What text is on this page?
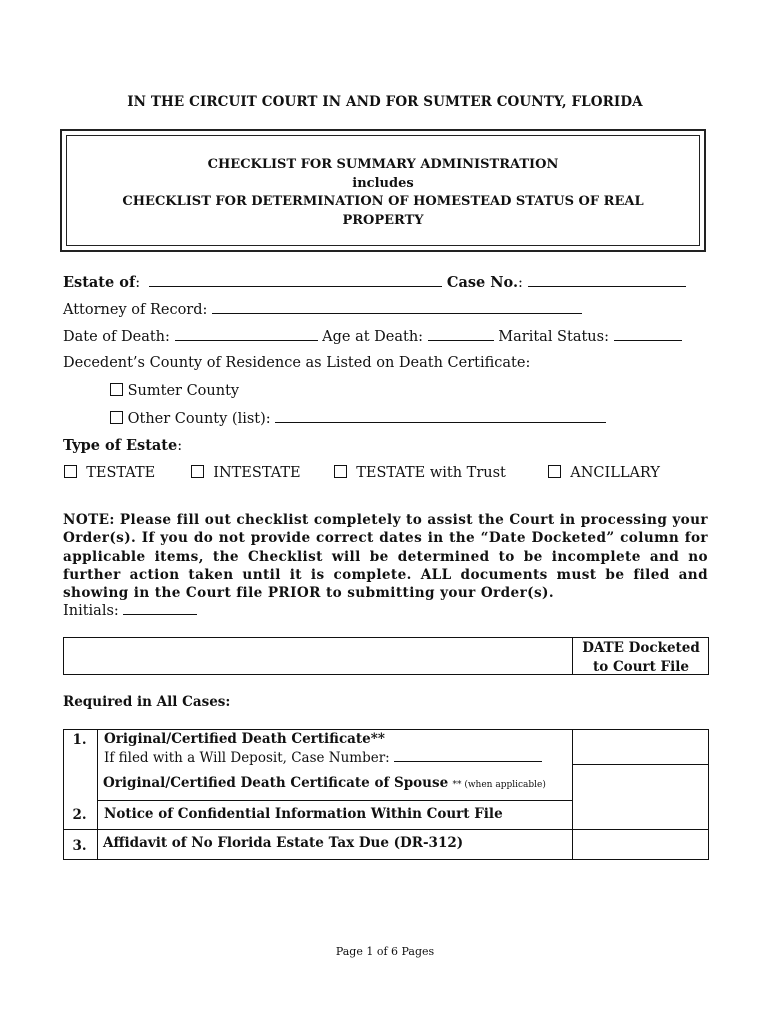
IN THE CIRCUIT COURT IN AND FOR SUMTER COUNTY, FLORIDA
CHECKLIST FOR SUMMARY ADMINISTRATION
includes
CHECKLIST FOR DETERMINATION OF HOMESTEAD STATUS OF REAL
PROPERTY
Estate of:	Case No.:
Attorney of Record:
Date of Death:	Age at Death:	Marital Status:
Decedent’s County of Residence as Listed on Death Certificate:
Sumter County
Other County (list):
Type of Estate:
TESTATE	INTESTATE	TESTATE with Trust	ANCILLARY
NOTE: Please fill out checklist completely to assist the Court in processing your Order(s). If you do not provide correct dates in the “Date Docketed” column for applicable items, the Checklist will be determined to be incomplete and no further action taken until it is complete. ALL documents must be filed and showing in the Court file PRIOR to submitting your Order(s).
Initials:
DATE Docketed
to Court File
Required in All Cases:
1.	Original/Certified Death Certificate**
If filed with a Will Deposit, Case Number:
Original/Certified Death Certificate of Spouse ** (when applicable)
2.	Notice of Confidential Information Within Court File
3.	Affidavit of No Florida Estate Tax Due (DR-312)
Page 1 of 6 Pages
